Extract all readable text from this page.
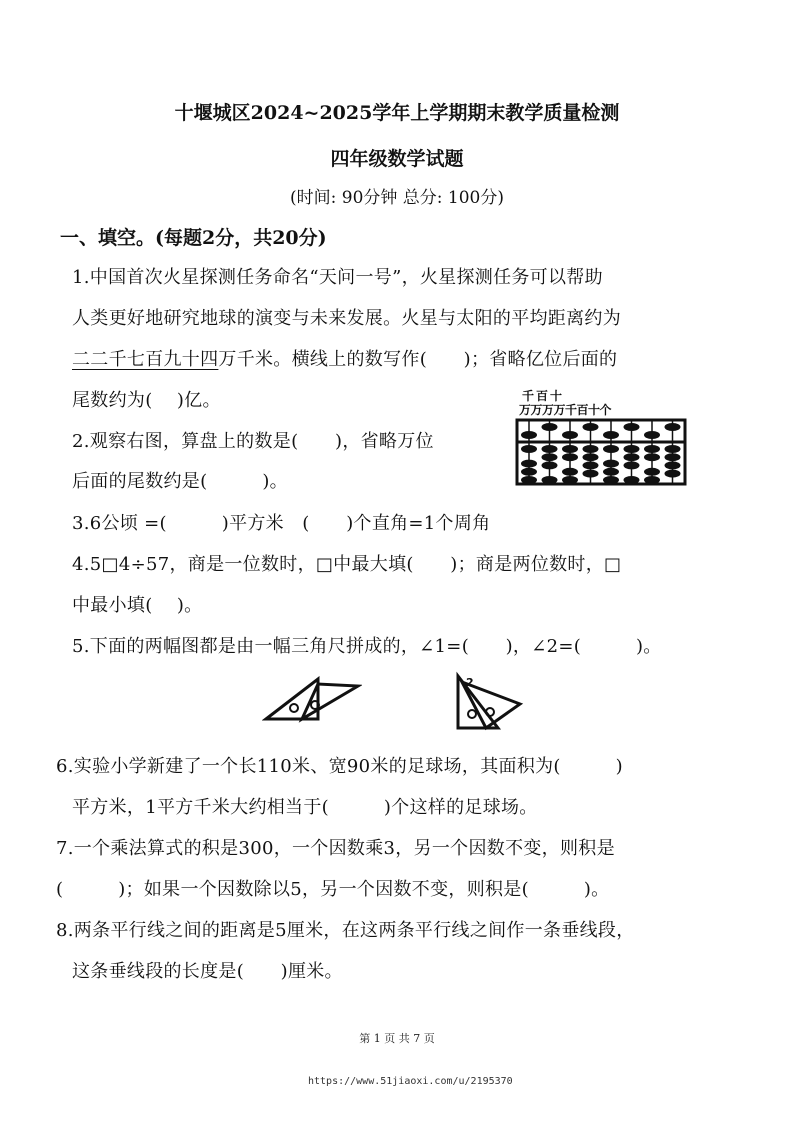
十堰城区2024~2025学年上学期期末教学质量检测
四年级数学试题
(时间: 90分钟 总分: 100分)
一、填空。(每题2分，共20分)
1.中国首次火星探测任务命名“天问一号”，火星探测任务可以帮助
人类更好地研究地球的演变与未来发展。火星与太阳的平均距离约为
二二千七百九十四万千米。横线上的数写作(　　)；省略亿位后面的
尾数约为(　 )亿。
2.观察右图，算盘上的数是(　　)，省略万位
后面的尾数约是(　　　)。
千百十
万万万万千百十个
3.6公顷 =(　　　)平方米　(　　)个直角=1个周角
4.5□4÷57，商是一位数时，□中最大填(　　)；商是两位数时，□
中最小填(　 )。
5.下面的两幅图都是由一幅三角尺拼成的，∠1=(　　)，∠2=(　　　)。
2
6.实验小学新建了一个长110米、宽90米的足球场，其面积为(　　　)
平方米，1平方千米大约相当于(　　　)个这样的足球场。
7.一个乘法算式的积是300，一个因数乘3，另一个因数不变，则积是
(　　　)；如果一个因数除以5，另一个因数不变，则积是(　　　)。
8.两条平行线之间的距离是5厘米，在这两条平行线之间作一条垂线段，
这条垂线段的长度是(　　)厘米。
第 1 页 共 7 页
https://www.51jiaoxi.com/u/2195370
